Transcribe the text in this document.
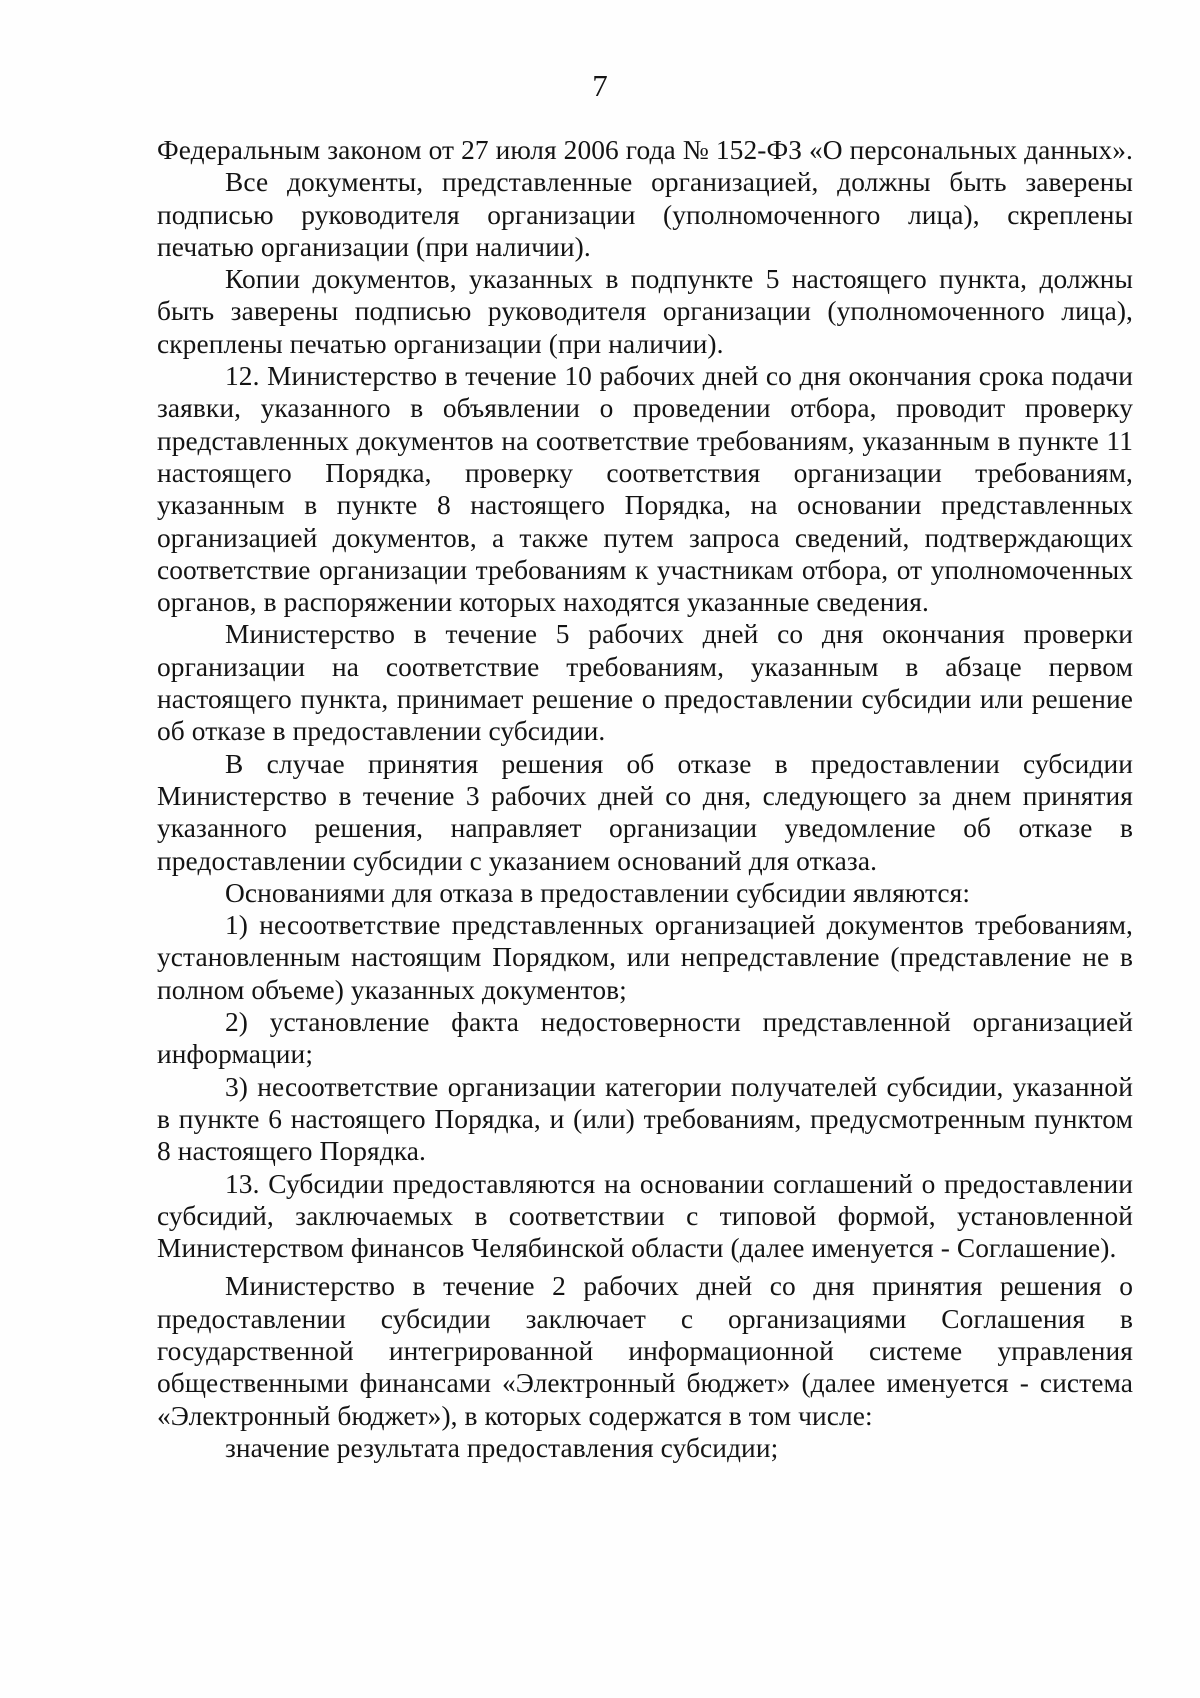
7

Федеральным законом от 27 июля 2006 года № 152-ФЗ «О персональных данных».

Все документы, представленные организацией, должны быть заверены подписью руководителя организации (уполномоченного лица), скреплены печатью организации (при наличии).

Копии документов, указанных в подпункте 5 настоящего пункта, должны быть заверены подписью руководителя организации (уполномоченного лица), скреплены печатью организации (при наличии).

12. Министерство в течение 10 рабочих дней со дня окончания срока подачи заявки, указанного в объявлении о проведении отбора, проводит проверку представленных документов на соответствие требованиям, указанным в пункте 11 настоящего Порядка, проверку соответствия организации требованиям, указанным в пункте 8 настоящего Порядка, на основании представленных организацией документов, а также путем запроса сведений, подтверждающих соответствие организации требованиям к участникам отбора, от уполномоченных органов, в распоряжении которых находятся указанные сведения.

Министерство в течение 5 рабочих дней со дня окончания проверки организации на соответствие требованиям, указанным в абзаце первом настоящего пункта, принимает решение о предоставлении субсидии или решение об отказе в предоставлении субсидии.

В случае принятия решения об отказе в предоставлении субсидии Министерство в течение 3 рабочих дней со дня, следующего за днем принятия указанного решения, направляет организации уведомление об отказе в предоставлении субсидии с указанием оснований для отказа.

Основаниями для отказа в предоставлении субсидии являются:

1) несоответствие представленных организацией документов требованиям, установленным настоящим Порядком, или непредставление (представление не в полном объеме) указанных документов;

2) установление факта недостоверности представленной организацией информации;

3) несоответствие организации категории получателей субсидии, указанной в пункте 6 настоящего Порядка, и (или) требованиям, предусмотренным пунктом 8 настоящего Порядка.

13. Субсидии предоставляются на основании соглашений о предоставлении субсидий, заключаемых в соответствии с типовой формой, установленной Министерством финансов Челябинской области (далее именуется - Соглашение).

Министерство в течение 2 рабочих дней со дня принятия решения о предоставлении субсидии заключает с организациями Соглашения в государственной интегрированной информационной системе управления общественными финансами «Электронный бюджет» (далее именуется - система «Электронный бюджет»), в которых содержатся в том числе:

значение результата предоставления субсидии;
